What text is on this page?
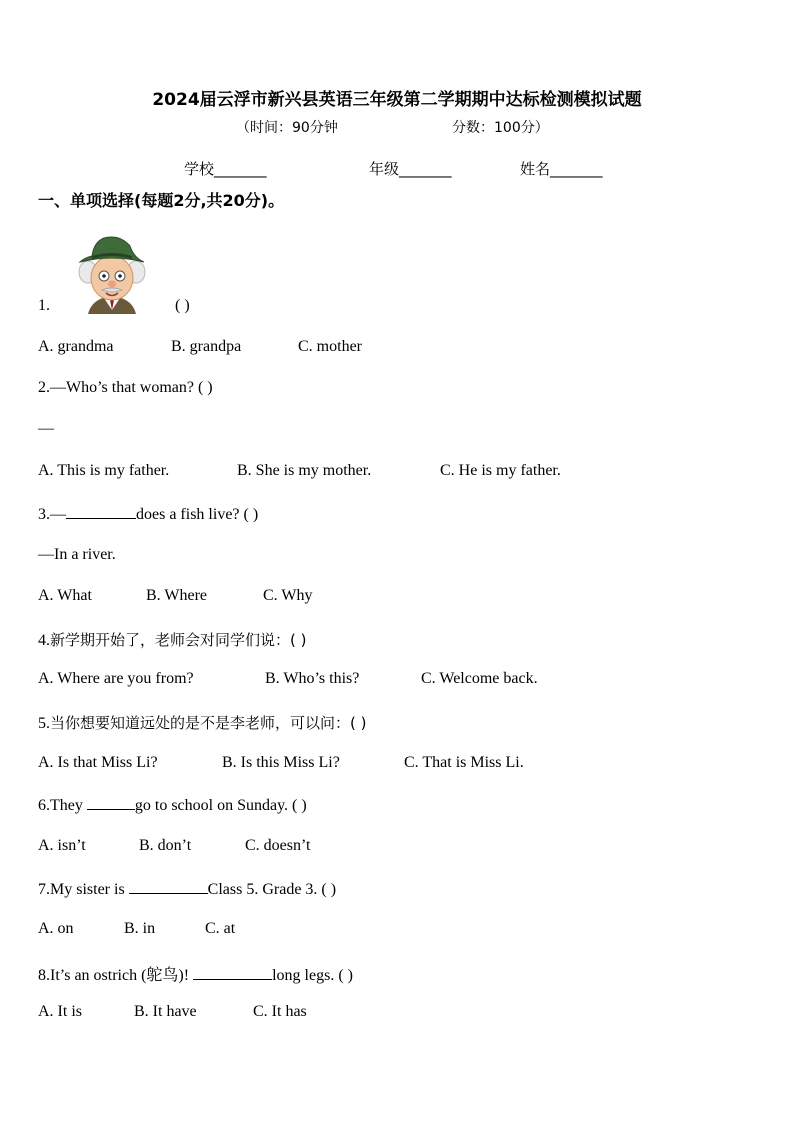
2024届云浮市新兴县英语三年级第二学期期中达标检测模拟试题
（时间：90分钟	分数：100分）
学校_______	年级_______	姓名_______
一、单项选择(每题2分,共20分)。
1.	( )
A. grandma	B. grandpa	C. mother
2.—Who’s that woman? ( )
—
A. This is my father.	B. She is my mother.	C. He is my father.
3.—	does a fish live? ( )
—In a river.
A. What	B. Where	C. Why
4.新学期开始了，老师会对同学们说：( )
A. Where are you from?	B. Who’s this?	C. Welcome back.
5.当你想要知道远处的是不是李老师，可以问：( )
A. Is that Miss Li?	B. Is this Miss Li?	C. That is Miss Li.
6.They	go to school on Sunday. ( )
A. isn’t	B. don’t	C. doesn’t
7.My sister is	Class 5. Grade 3. ( )
A. on	B. in	C. at
8.It’s an ostrich (鸵鸟)!	long legs. ( )
A. It is	B. It have	C. It has
